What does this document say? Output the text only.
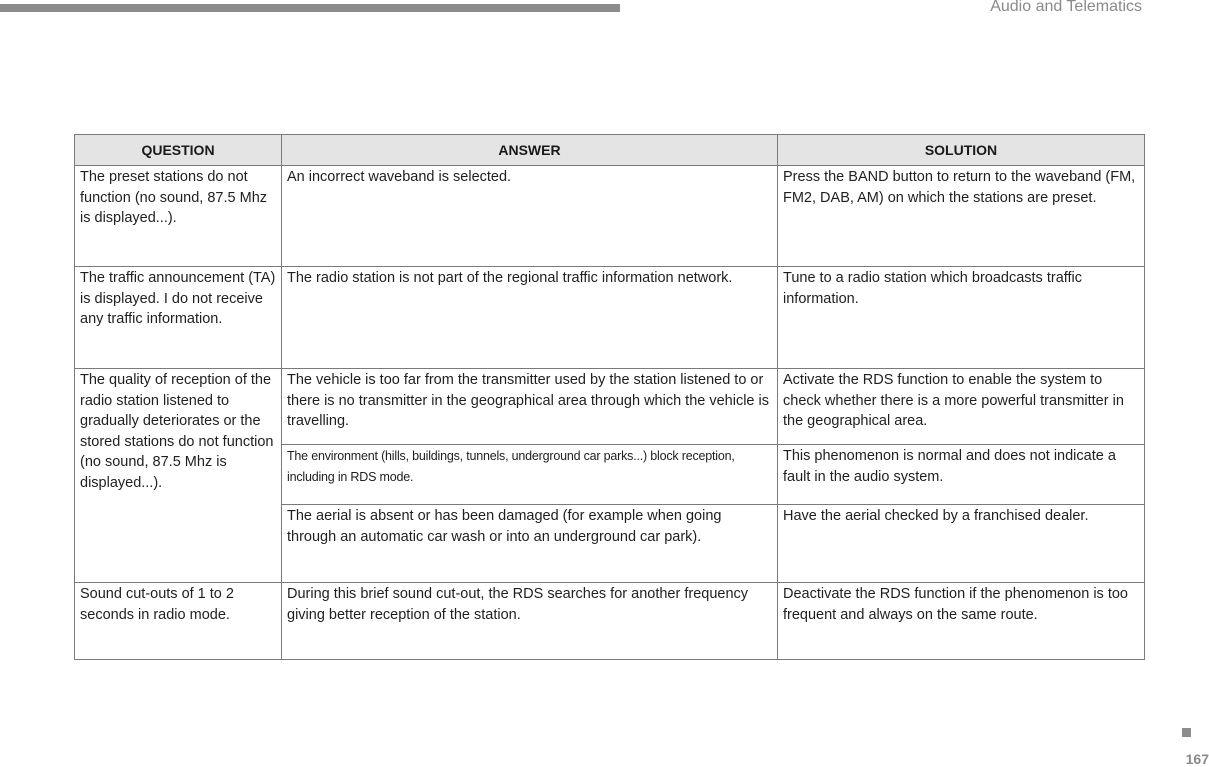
Audio and Telematics
QUESTION	ANSWER	SOLUTION
The preset stations do not function (no sound, 87.5 Mhz is displayed...).	An incorrect waveband is selected.	Press the BAND button to return to the waveband (FM, FM2, DAB, AM) on which the stations are preset.
The traffic announcement (TA) is displayed. I do not receive any traffic information.	The radio station is not part of the regional traffic information network.	Tune to a radio station which broadcasts traffic information.
The quality of reception of the radio station listened to gradually deteriorates or the stored stations do not function (no sound, 87.5 Mhz is displayed...).	The vehicle is too far from the transmitter used by the station listened to or there is no transmitter in the geographical area through which the vehicle is travelling.	Activate the RDS function to enable the system to check whether there is a more powerful transmitter in the geographical area.
	The environment (hills, buildings, tunnels, underground car parks...) block reception, including in RDS mode.	This phenomenon is normal and does not indicate a fault in the audio system.
	The aerial is absent or has been damaged (for example when going through an automatic car wash or into an underground car park).	Have the aerial checked by a franchised dealer.
Sound cut-outs of 1 to 2 seconds in radio mode.	During this brief sound cut-out, the RDS searches for another frequency giving better reception of the station.	Deactivate the RDS function if the phenomenon is too frequent and always on the same route.
167
